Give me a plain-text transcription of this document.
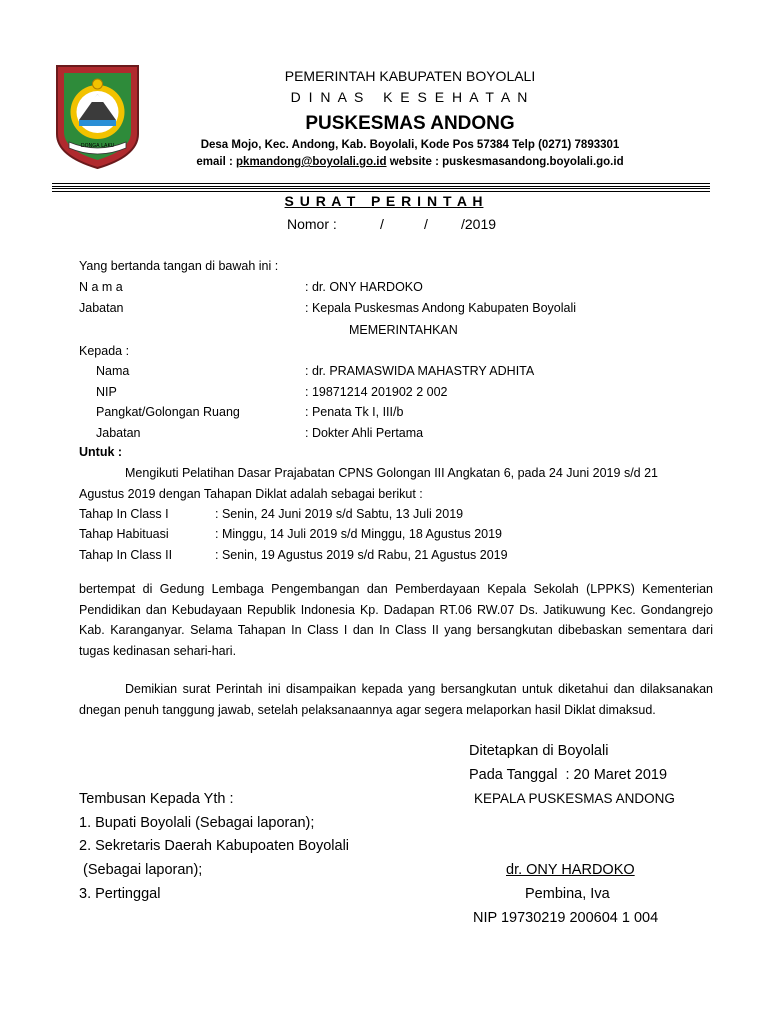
DONGA LAKU
PEMERINTAH KABUPATEN BOYOLALI
D I N A S   K E S E H A T A N
PUSKESMAS ANDONG
Desa Mojo, Kec. Andong, Kab. Boyolali, Kode Pos 57384 Telp (0271) 7893301
email : pkmandong@boyolali.go.id website : puskesmasandong.boyolali.go.id
S U R A T   P E R I N T A H
Nomor :	/	/ /2019
Yang bertanda tangan di bawah ini :
N a m a	: dr. ONY HARDOKO
Jabatan	: Kepala Puskesmas Andong Kabupaten Boyolali
MEMERINTAHKAN
Kepada :
Nama	: dr. PRAMASWIDA MAHASTRY ADHITA
NIP	: 19871214 201902 2 002
Pangkat/Golongan Ruang	: Penata Tk I, III/b
Jabatan	: Dokter Ahli Pertama
Untuk :
Mengikuti Pelatihan Dasar Prajabatan CPNS Golongan III Angkatan 6, pada 24 Juni 2019 s/d 21
Agustus 2019 dengan Tahapan Diklat adalah sebagai berikut :
Tahap In Class I	: Senin, 24 Juni 2019 s/d Sabtu, 13 Juli 2019
Tahap Habituasi	: Minggu, 14 Juli 2019 s/d Minggu, 18 Agustus 2019
Tahap In Class II	: Senin, 19 Agustus 2019 s/d Rabu, 21 Agustus 2019
bertempat di Gedung Lembaga Pengembangan dan Pemberdayaan Kepala Sekolah (LPPKS) Kementerian Pendidikan dan Kebudayaan Republik Indonesia Kp. Dadapan RT.06 RW.07 Ds. Jatikuwung Kec. Gondangrejo Kab. Karanganyar. Selama Tahapan In Class I dan In Class II yang bersangkutan dibebaskan sementara dari tugas kedinasan sehari-hari.
Demikian surat Perintah ini disampaikan kepada yang bersangkutan untuk diketahui dan dilaksanakan dnegan penuh tanggung jawab, setelah pelaksanaannya agar segera melaporkan hasil Diklat dimaksud.
Ditetapkan di Boyolali
Pada Tanggal  : 20 Maret 2019
KEPALA PUSKESMAS ANDONG
dr. ONY HARDOKO
Pembina, Iva
NIP 19730219 200604 1 004
Tembusan Kepada Yth :
1. Bupati Boyolali (Sebagai laporan);
2. Sekretaris Daerah Kabupoaten Boyolali
(Sebagai laporan);
3. Pertinggal
